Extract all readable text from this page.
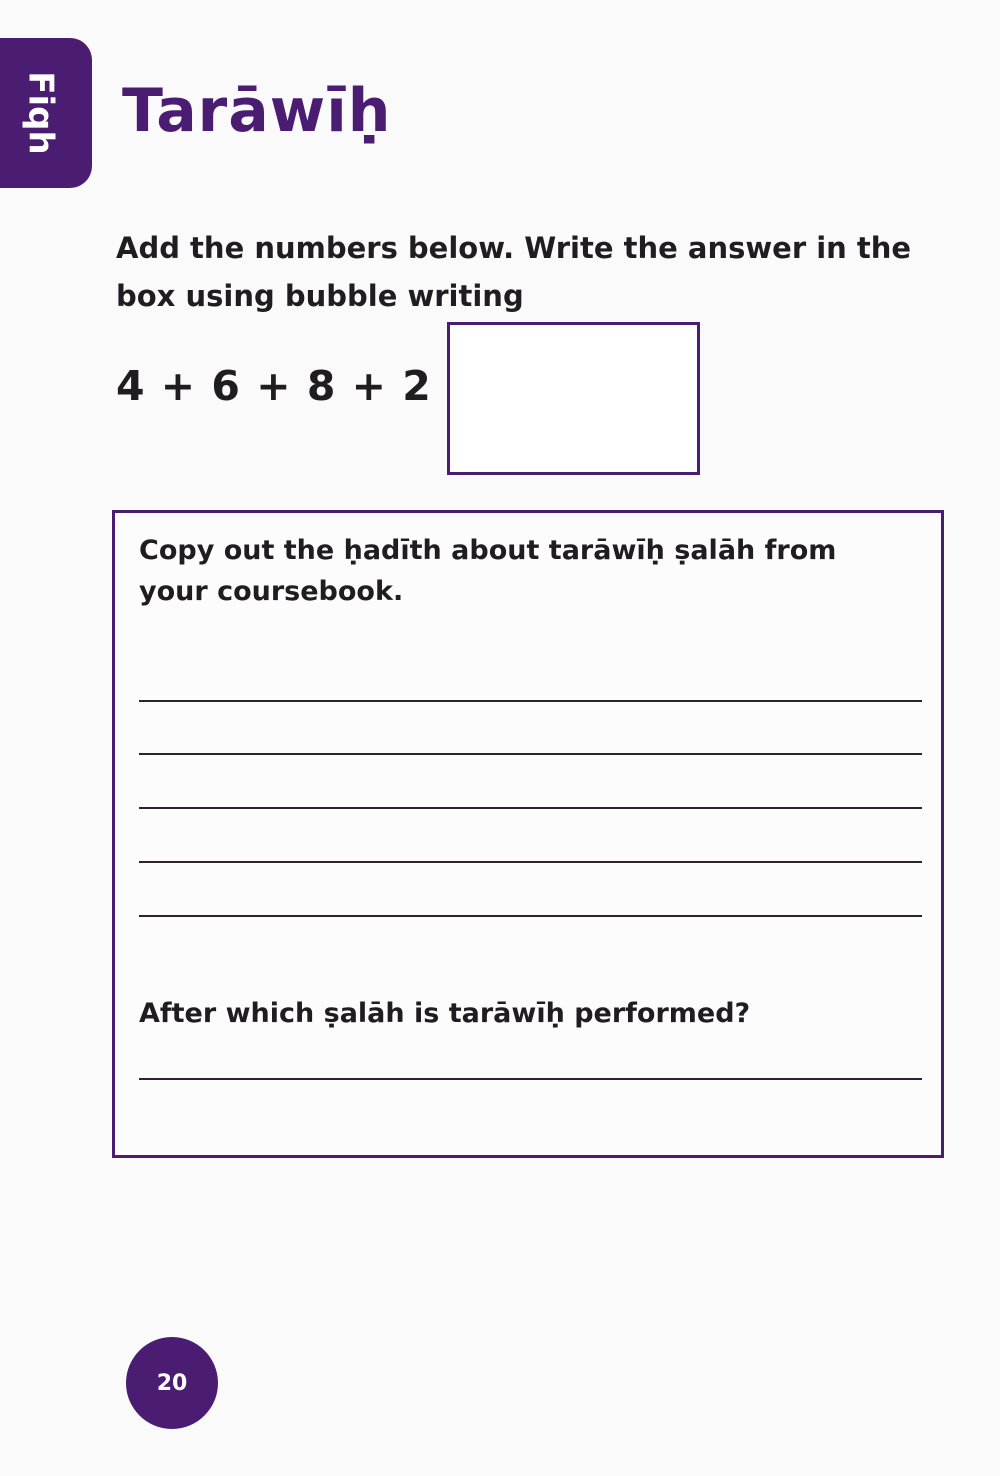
Fiqh Tarāwīḥ
Add the numbers below. Write the answer in the box using bubble writing
4 + 6 + 8 + 2
Copy out the ḥadīth about tarāwīḥ ṣalāh from your coursebook.
After which ṣalāh is tarāwīḥ performed?
20
